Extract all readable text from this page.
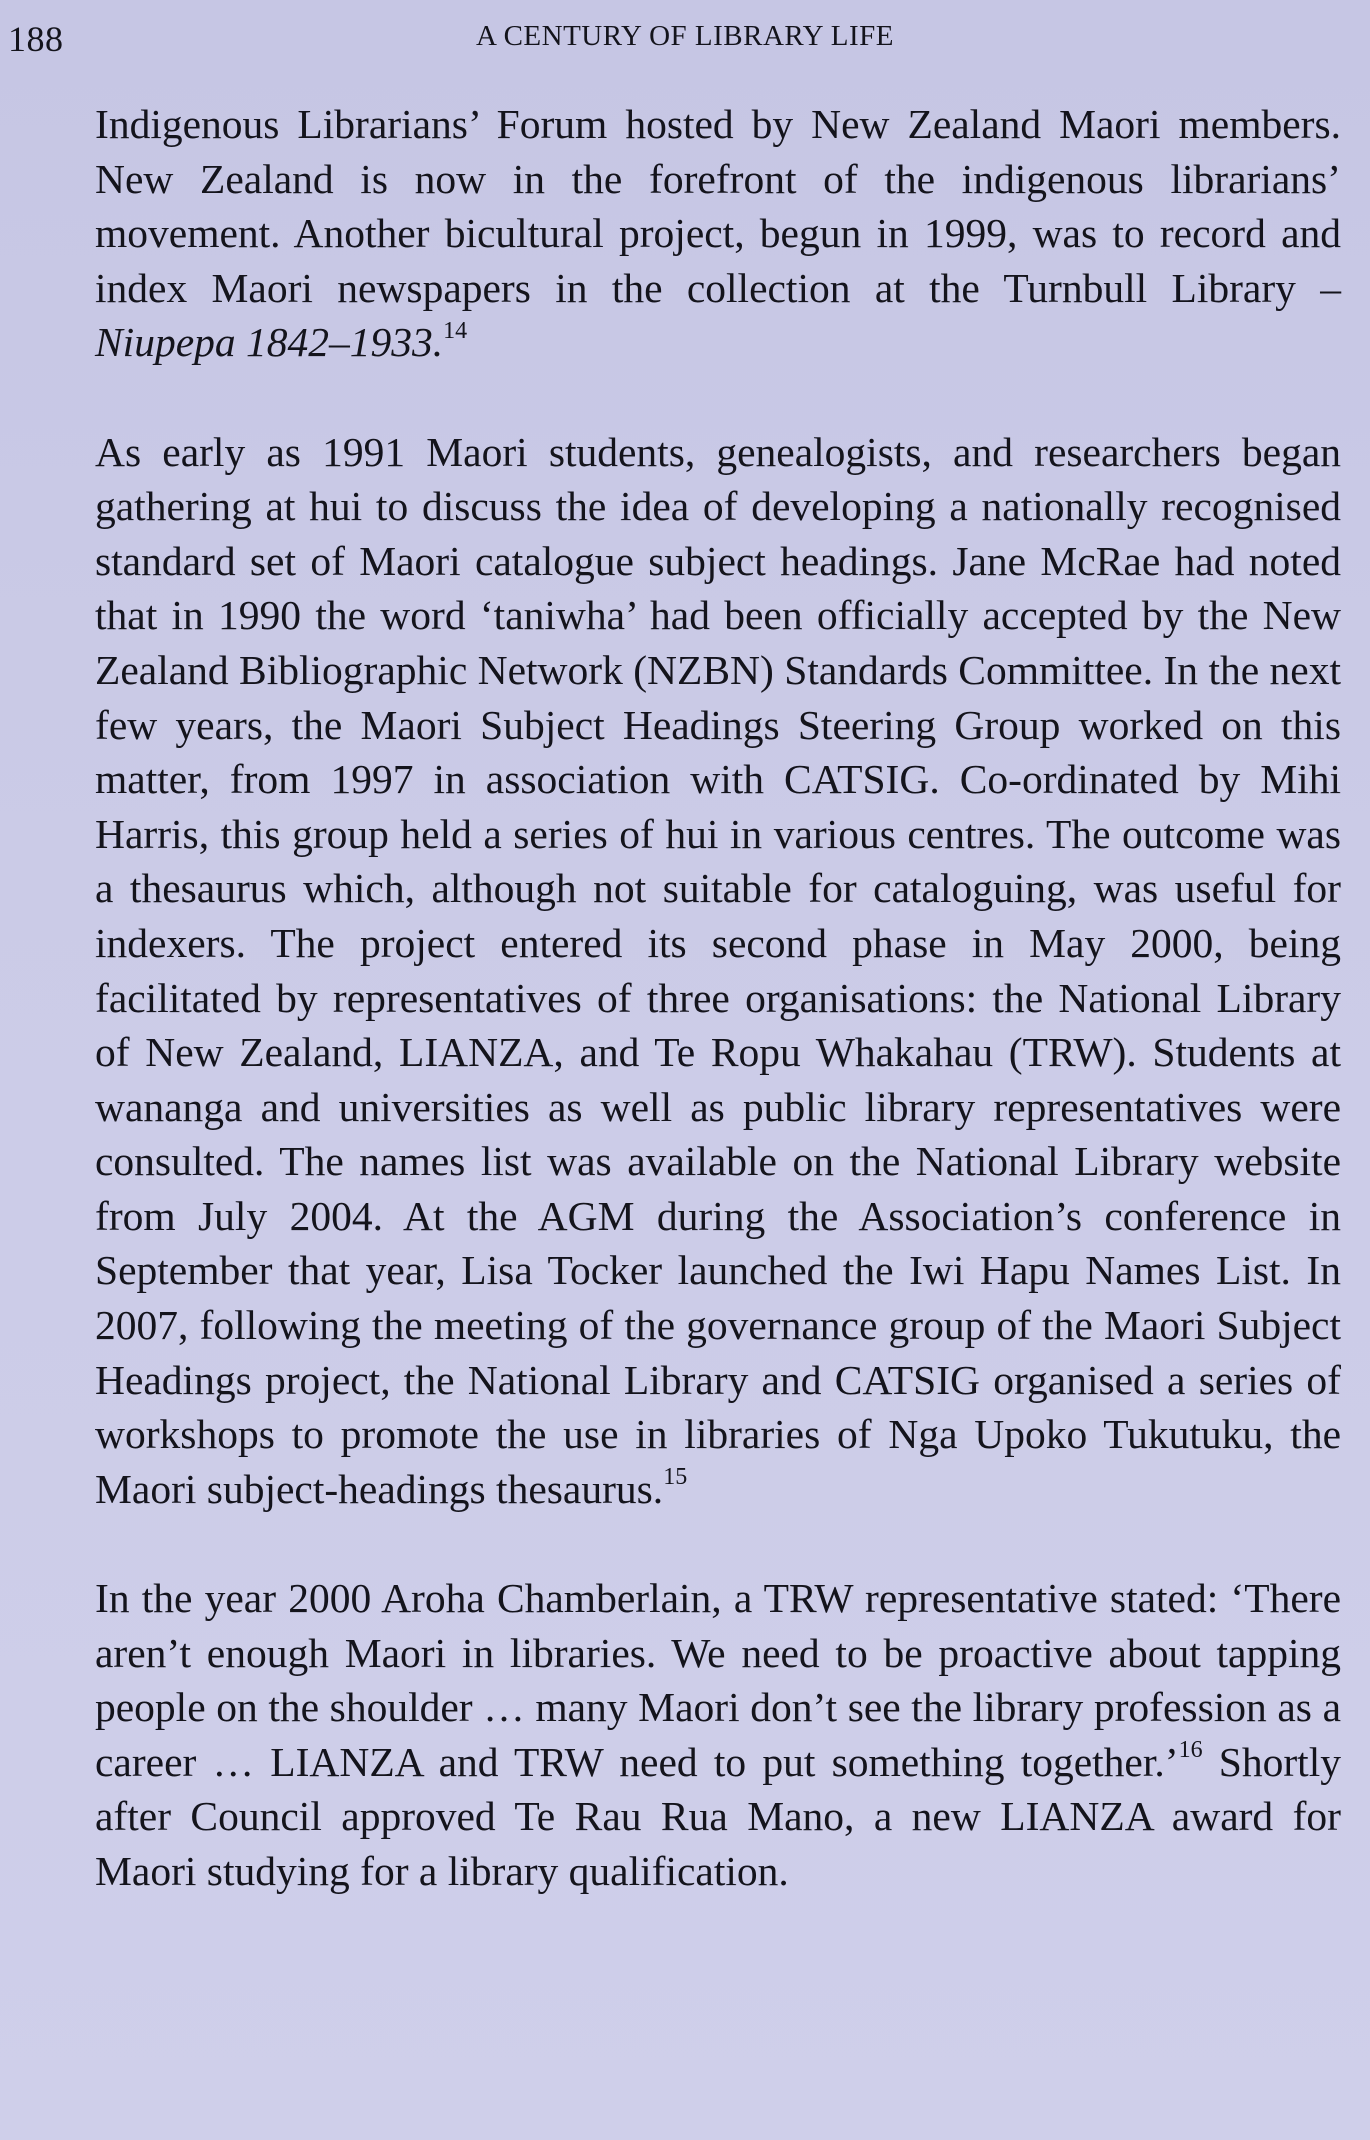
188	A CENTURY OF LIBRARY LIFE

Indigenous Librarians’ Forum hosted by New Zealand Maori members. New Zealand is now in the forefront of the indigenous librarians’ movement. Another bicultural project, begun in 1999, was to record and index Maori newspapers in the collection at the Turnbull Library – Niupepa 1842–1933.14

As early as 1991 Maori students, genealogists, and researchers began gathering at hui to discuss the idea of developing a nationally recognised standard set of Maori catalogue subject headings. Jane McRae had noted that in 1990 the word ‘taniwha’ had been officially accepted by the New Zealand Bibliographic Network (NZBN) Standards Committee. In the next few years, the Maori Subject Headings Steering Group worked on this matter, from 1997 in association with CATSIG. Co-ordinated by Mihi Harris, this group held a series of hui in various centres. The outcome was a thesaurus which, although not suitable for cataloguing, was useful for indexers. The project entered its second phase in May 2000, being facilitated by representatives of three organisations: the National Library of New Zealand, LIANZA, and Te Ropu Whakahau (TRW). Students at wananga and universities as well as public library representatives were consulted. The names list was available on the National Library website from July 2004. At the AGM during the Association’s conference in September that year, Lisa Tocker launched the Iwi Hapu Names List. In 2007, following the meeting of the governance group of the Maori Subject Headings project, the National Library and CATSIG organised a series of workshops to promote the use in libraries of Nga Upoko Tukutuku, the Maori subject-headings thesaurus.$^{15}$

In the year 2000 Aroha Chamberlain, a TRW representative stated: ‘There aren’t enough Maori in libraries. We need to be proactive about tapping people on the shoulder … many Maori don’t see the library profession as a career … LIANZA and TRW need to put something together.’$^{16}$ Shortly after Council approved Te Rau Rua Mano, a new LIANZA award for Maori studying for a library qualification.
